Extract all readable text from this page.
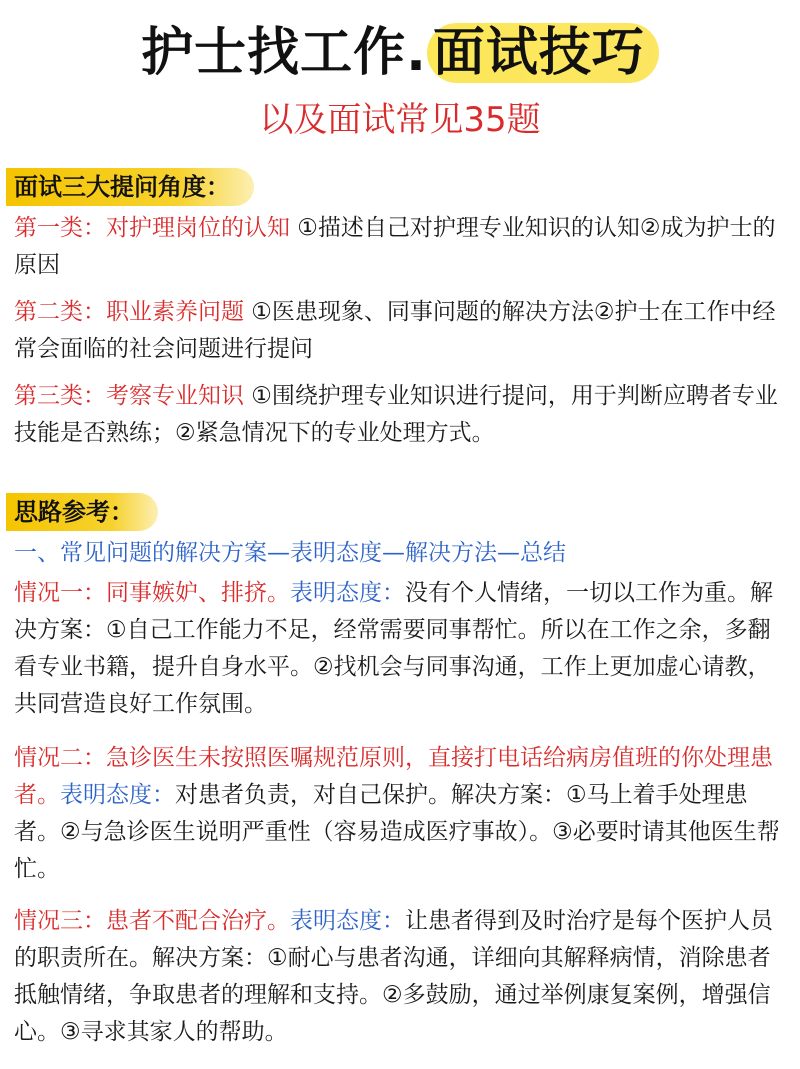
护士找工作. 面试技巧
以及面试常见35题
面试三大提问角度：
第一类：对护理岗位的认知 ①描述自己对护理专业知识的认知②成为护士的原因
第二类：职业素养问题 ①医患现象、同事问题的解决方法②护士在工作中经常会面临的社会问题进行提问
第三类：考察专业知识 ①围绕护理专业知识进行提问，用于判断应聘者专业技能是否熟练；②紧急情况下的专业处理方式。
思路参考：
一、常见问题的解决方案—表明态度—解决方法—总结
情况一：同事嫉妒、排挤。表明态度：没有个人情绪，一切以工作为重。解决方案：①自己工作能力不足，经常需要同事帮忙。所以在工作之余，多翻看专业书籍，提升自身水平。②找机会与同事沟通，工作上更加虚心请教，共同营造良好工作氛围。
情况二：急诊医生未按照医嘱规范原则，直接打电话给病房值班的你处理患者。表明态度：对患者负责，对自己保护。解决方案：①马上着手处理患者。②与急诊医生说明严重性（容易造成医疗事故）。③必要时请其他医生帮忙。
情况三：患者不配合治疗。表明态度：让患者得到及时治疗是每个医护人员的职责所在。解决方案：①耐心与患者沟通，详细向其解释病情，消除患者抵触情绪，争取患者的理解和支持。②多鼓励，通过举例康复案例，增强信心。③寻求其家人的帮助。
